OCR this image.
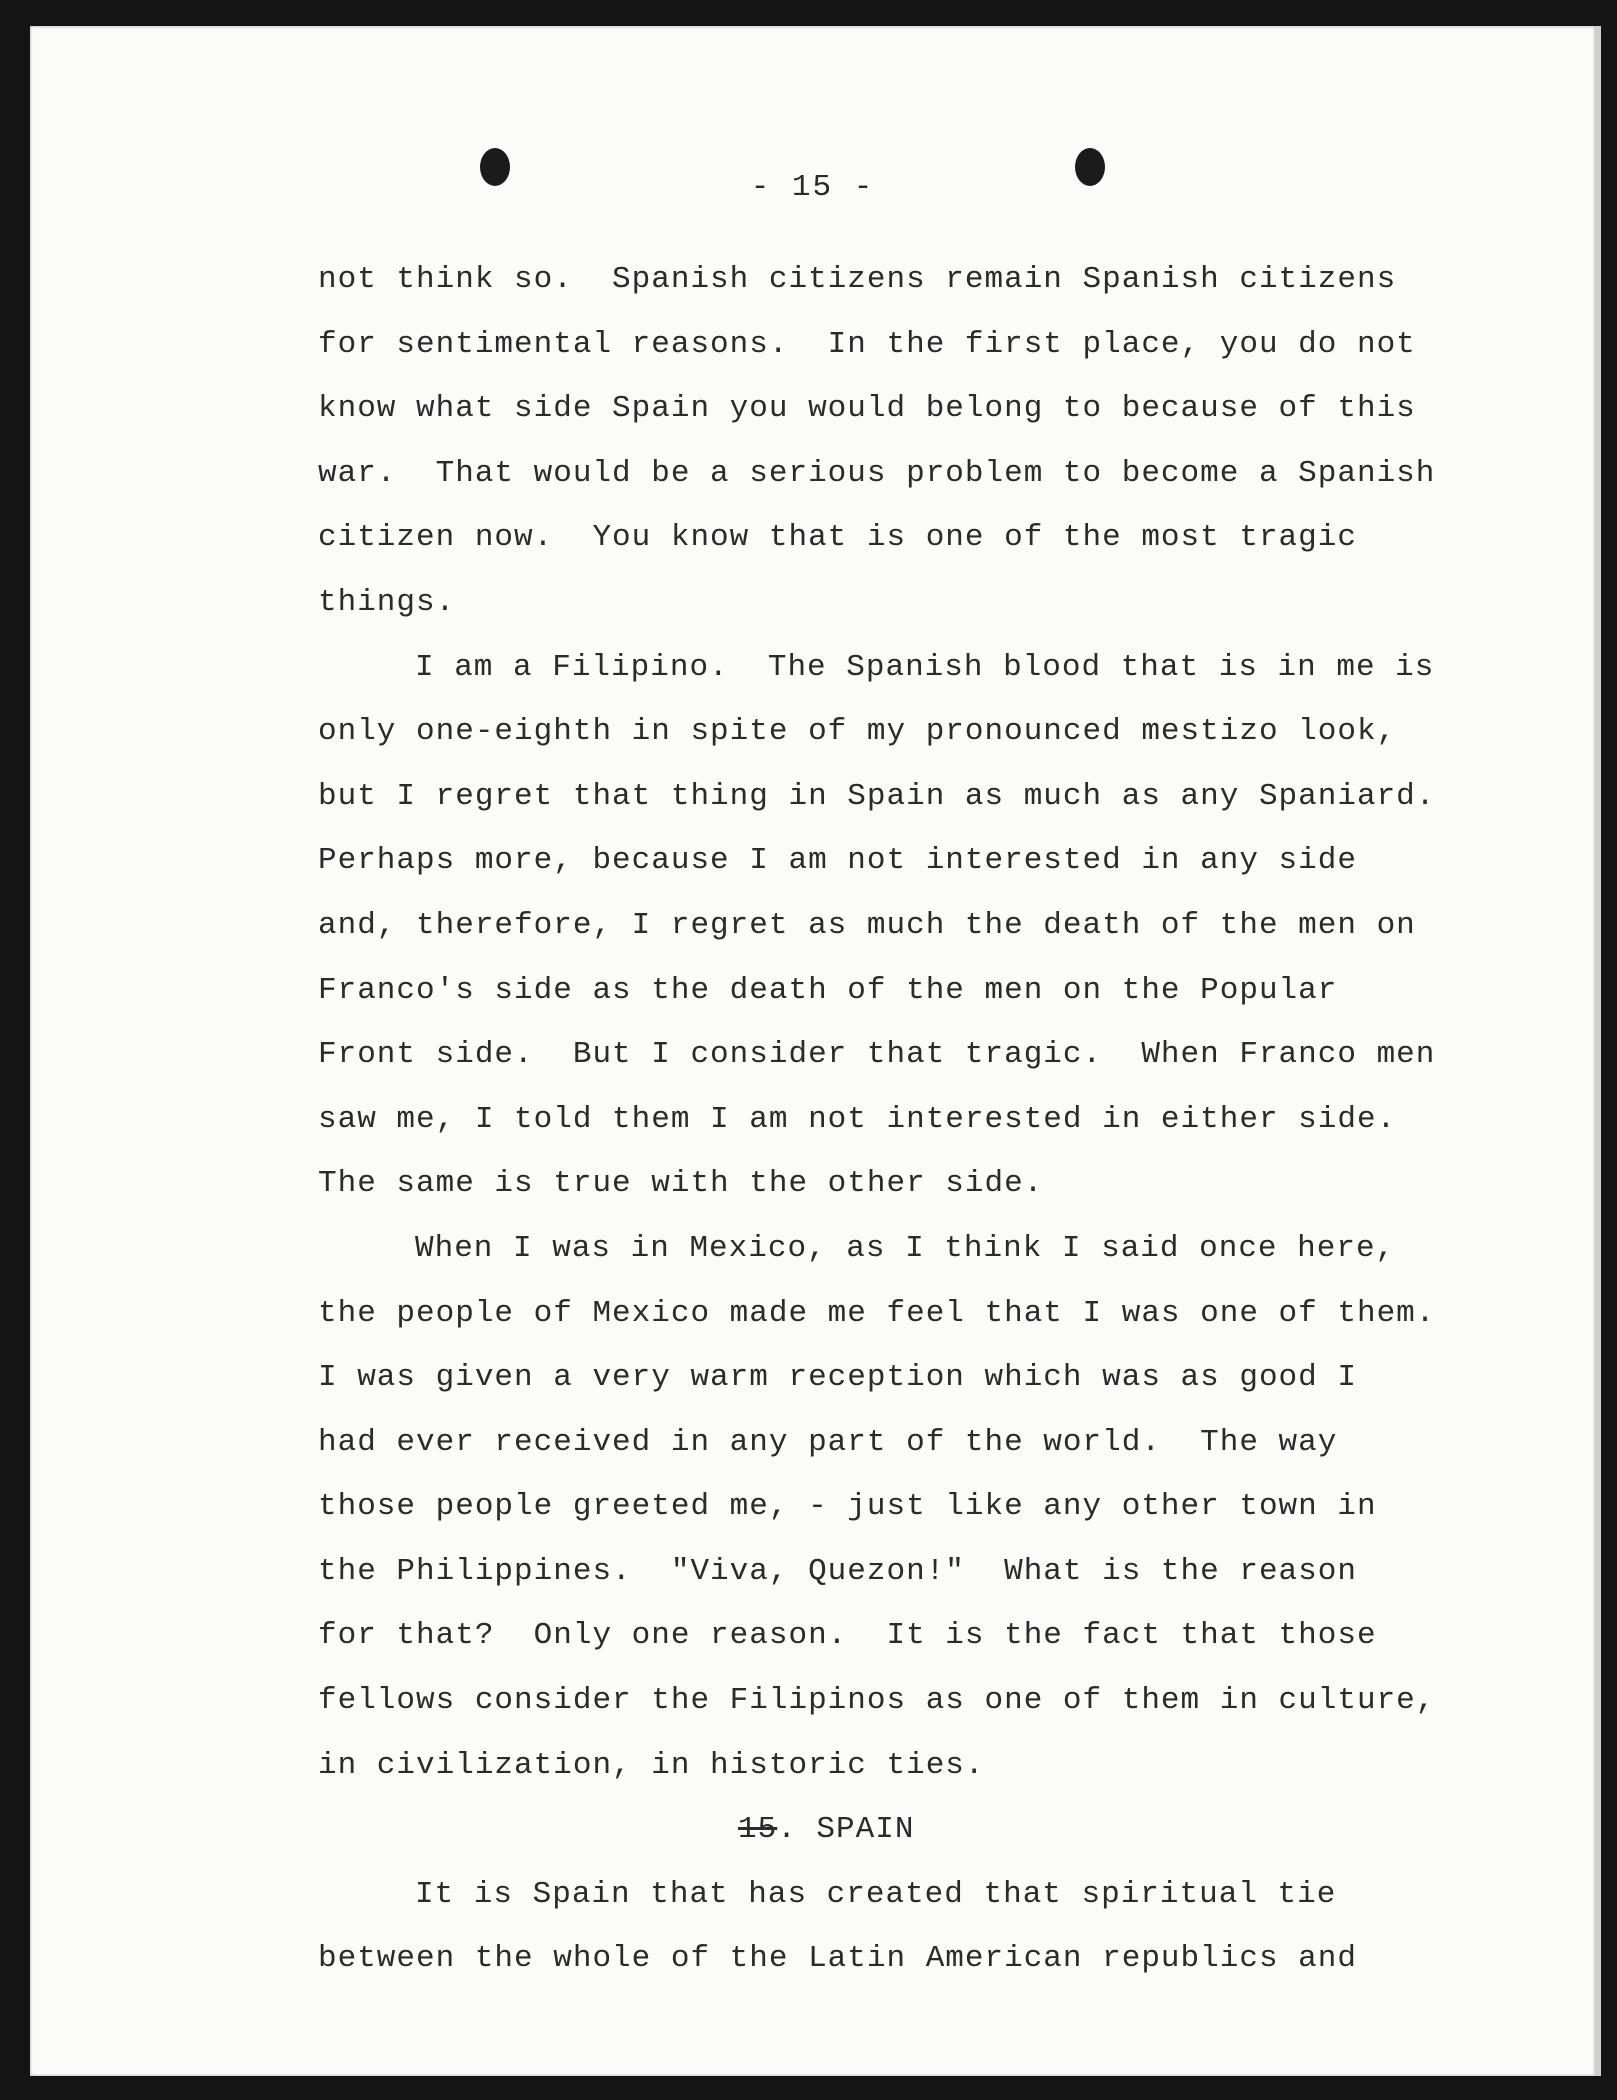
- 15 -
not think so.  Spanish citizens remain Spanish citizens
for sentimental reasons.  In the first place, you do not
know what side Spain you would belong to because of this
war.  That would be a serious problem to become a Spanish
citizen now.  You know that is one of the most tragic
things.
I am a Filipino.  The Spanish blood that is in me is
only one-eighth in spite of my pronounced mestizo look,
but I regret that thing in Spain as much as any Spaniard.
Perhaps more, because I am not interested in any side
and, therefore, I regret as much the death of the men on
Franco's side as the death of the men on the Popular
Front side.  But I consider that tragic.  When Franco men
saw me, I told them I am not interested in either side.
The same is true with the other side.
When I was in Mexico, as I think I said once here,
the people of Mexico made me feel that I was one of them.
I was given a very warm reception which was as good I
had ever received in any part of the world.  The way
those people greeted me, - just like any other town in
the Philippines.  "Viva, Quezon!"  What is the reason
for that?  Only one reason.  It is the fact that those
fellows consider the Filipinos as one of them in culture,
in civilization, in historic ties.
15. SPAIN
It is Spain that has created that spiritual tie
between the whole of the Latin American republics and
